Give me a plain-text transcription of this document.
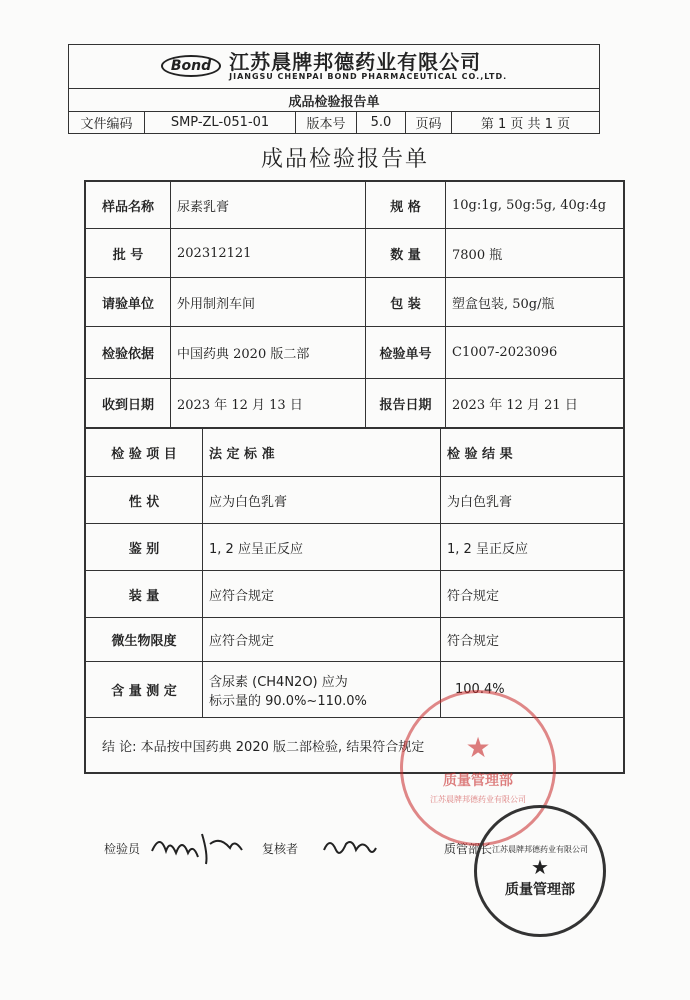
Bond 江苏晨牌邦德药业有限公司
JIANGSU CHENPAI BOND PHARMACEUTICAL CO.,LTD.

成品检验报告单
文件编码	SMP-ZL-051-01	版本号	5.0	页码	第 1 页 共 1 页
成品检验报告单
样品名称	尿素乳膏	规 格	10g:1g, 50g:5g, 40g:4g
批 号	202312121	数 量	7800 瓶
请验单位	外用制剂车间	包 装	塑盒包装, 50g/瓶
检验依据	中国药典 2020 版二部	检验单号	C1007-2023096
收到日期	2023 年 12 月 13 日	报告日期	2023 年 12 月 21 日
检 验 项 目	法 定 标 准	检 验 结 果
性 状	应为白色乳膏	为白色乳膏
鉴 别	1, 2 应呈正反应	1, 2 呈正反应
装 量	应符合规定	符合规定
微生物限度	应符合规定	符合规定
含 量 测 定	含尿素 (CH4N2O) 应为
标示量的 90.0%~110.0%	100.4%
结 论: 本品按中国药典 2020 版二部检验, 结果符合规定		
检验员	复核者	质管部长
★
质量管理部
江苏晨牌邦德药业有限公司
江苏晨牌邦德药业有限公司
★
质量管理部
